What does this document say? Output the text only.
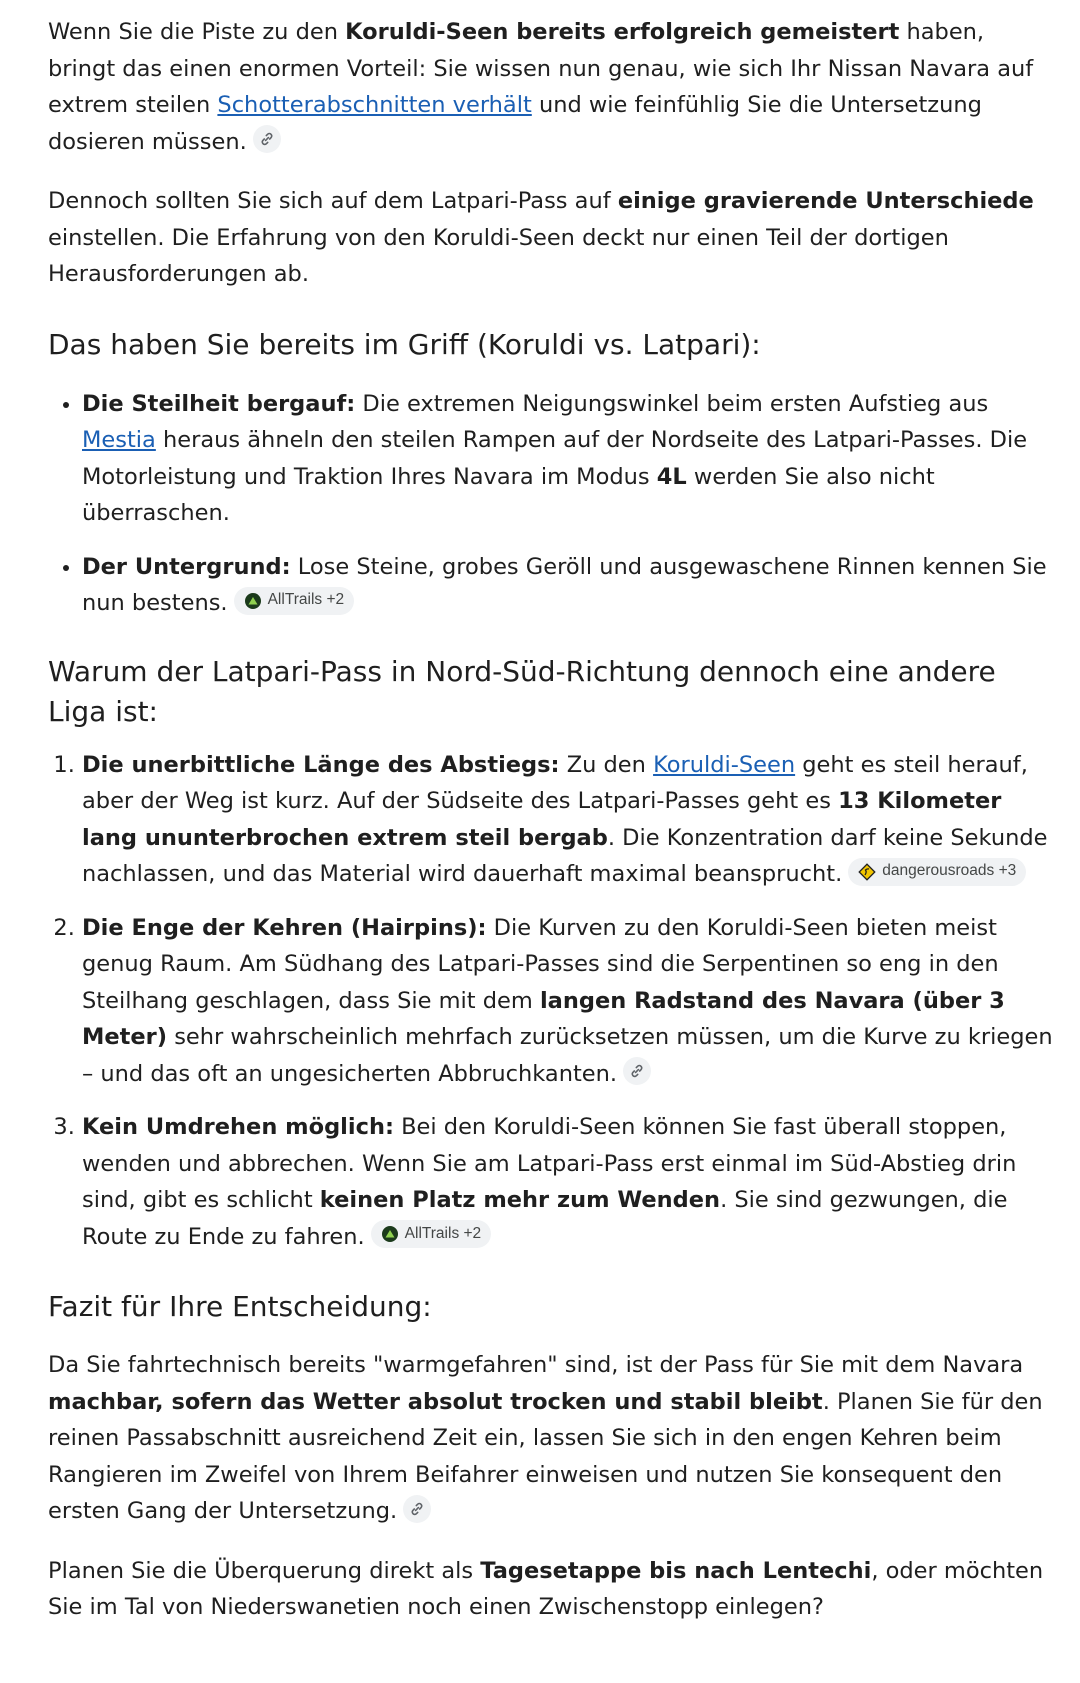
Wenn Sie die Piste zu den Koruldi-Seen bereits erfolgreich gemeistert haben, bringt das einen enormen Vorteil: Sie wissen nun genau, wie sich Ihr Nissan Navara auf extrem steilen Schotterabschnitten verhält und wie feinfühlig Sie die Untersetzung dosieren müssen.

Dennoch sollten Sie sich auf dem Latpari-Pass auf einige gravierende Unterschiede einstellen. Die Erfahrung von den Koruldi-Seen deckt nur einen Teil der dortigen Herausforderungen ab.

Das haben Sie bereits im Griff (Koruldi vs. Latpari):
• Die Steilheit bergauf: Die extremen Neigungswinkel beim ersten Aufstieg aus Mestia heraus ähneln den steilen Rampen auf der Nordseite des Latpari-Passes. Die Motorleistung und Traktion Ihres Navara im Modus 4L werden Sie also nicht überraschen.
• Der Untergrund: Lose Steine, grobes Geröll und ausgewaschene Rinnen kennen Sie nun bestens.	AllTrails +2
Warum der Latpari-Pass in Nord-Süd-Richtung dennoch eine andere Liga ist:
1. Die unerbittliche Länge des Abstiegs: Zu den Koruldi-Seen geht es steil herauf, aber der Weg ist kurz. Auf der Südseite des Latpari-Passes geht es 13 Kilometer lang ununterbrochen extrem steil bergab. Die Konzentration darf keine Sekunde nachlassen, und das Material wird dauerhaft maximal beansprucht.	dangerousroads +3
2. Die Enge der Kehren (Hairpins): Die Kurven zu den Koruldi-Seen bieten meist genug Raum. Am Südhang des Latpari-Passes sind die Serpentinen so eng in den Steilhang geschlagen, dass Sie mit dem langen Radstand des Navara (über 3 Meter) sehr wahrscheinlich mehrfach zurücksetzen müssen, um die Kurve zu kriegen – und das oft an ungesicherten Abbruchkanten.
3. Kein Umdrehen möglich: Bei den Koruldi-Seen können Sie fast überall stoppen, wenden und abbrechen. Wenn Sie am Latpari-Pass erst einmal im Süd-Abstieg drin sind, gibt es schlicht keinen Platz mehr zum Wenden. Sie sind gezwungen, die Route zu Ende zu fahren.	AllTrails +2
Fazit für Ihre Entscheidung:

Da Sie fahrtechnisch bereits "warmgefahren" sind, ist der Pass für Sie mit dem Navara machbar, sofern das Wetter absolut trocken und stabil bleibt. Planen Sie für den reinen Passabschnitt ausreichend Zeit ein, lassen Sie sich in den engen Kehren beim Rangieren im Zweifel von Ihrem Beifahrer einweisen und nutzen Sie konsequent den ersten Gang der Untersetzung.

Planen Sie die Überquerung direkt als Tagesetappe bis nach Lentechi, oder möchten Sie im Tal von Niederswanetien noch einen Zwischenstopp einlegen?
